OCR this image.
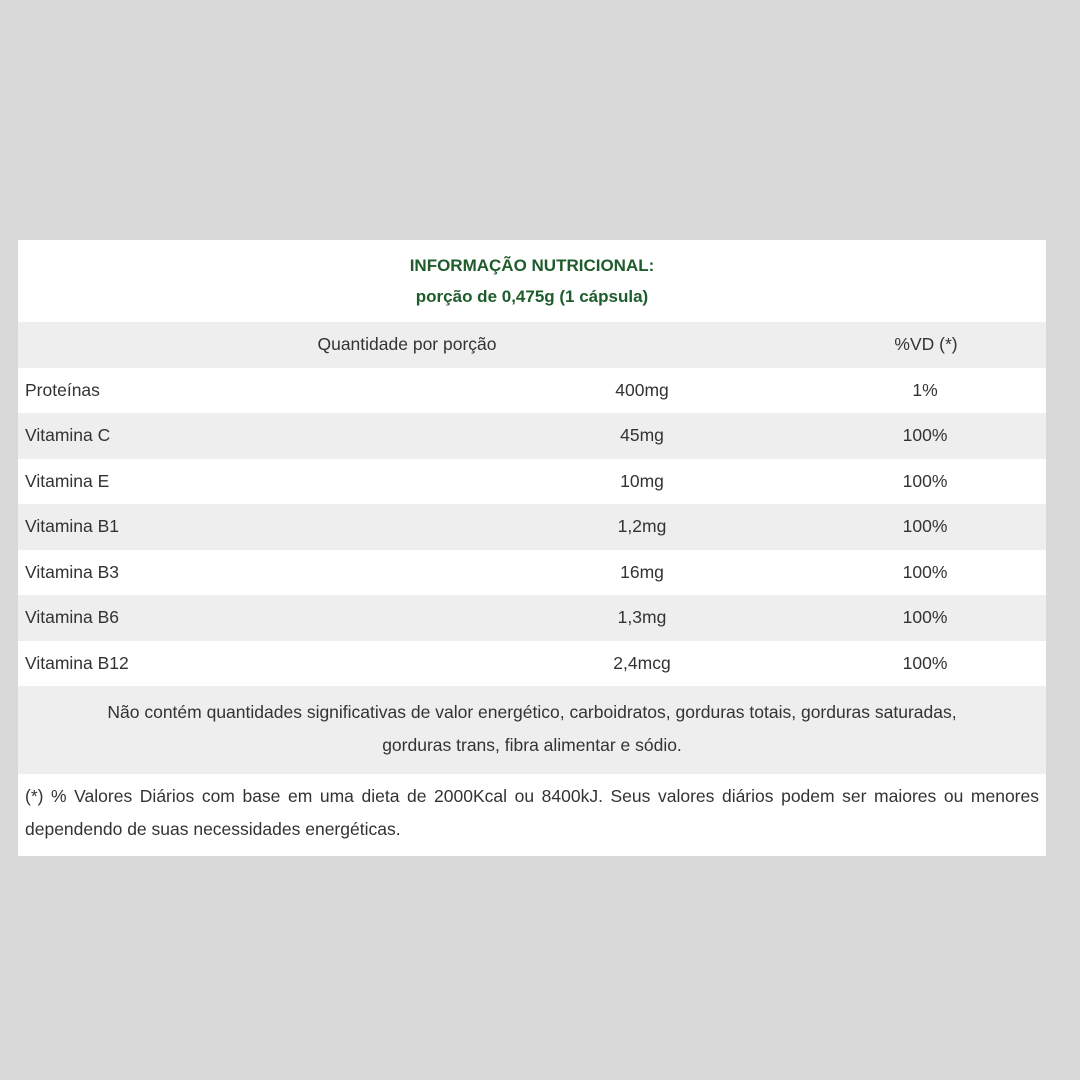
INFORMAÇÃO NUTRICIONAL:
porção de 0,475g (1 cápsula)
Quantidade por porção	%VD (*)
Proteínas	400mg	1%
Vitamina C	45mg	100%
Vitamina E	10mg	100%
Vitamina B1	1,2mg	100%
Vitamina B3	16mg	100%
Vitamina B6	1,3mg	100%
Vitamina B12	2,4mcg	100%
Não contém quantidades significativas de valor energético, carboidratos, gorduras totais, gorduras saturadas,
gorduras trans, fibra alimentar e sódio.
(*) % Valores Diários com base em uma dieta de 2000Kcal ou 8400kJ. Seus valores diários podem ser maiores ou menores dependendo de suas necessidades energéticas.
